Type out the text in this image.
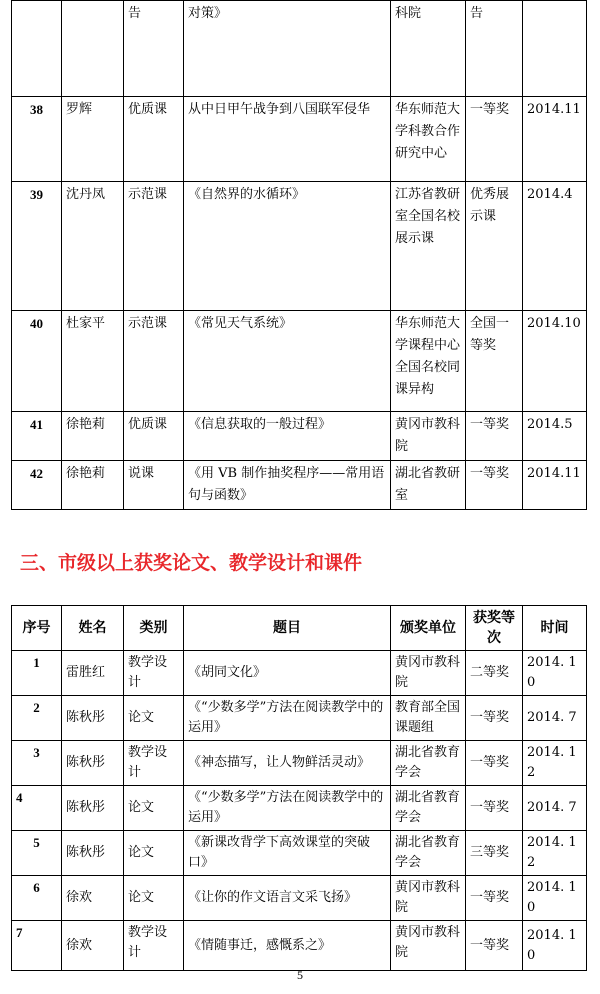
		告	对策》	科院	告	
38	罗辉	优质课	从中日甲午战争到八国联军侵华	华东师范大学科教合作研究中心	一等奖	2014.11
39	沈丹凤	示范课	《自然界的水循环》	江苏省教研室全国名校展示课	优秀展示课	2014.4
40	杜家平	示范课	《常见天气系统》	华东师范大学课程中心全国名校同课异构	全国一等奖	2014.10
41	徐艳莉	优质课	《信息获取的一般过程》	黄冈市教科院	一等奖	2014.5
42	徐艳莉	说课	《用 VB 制作抽奖程序——常用语句与函数》	湖北省教研室	一等奖	2014.11
三、市级以上获奖论文、教学设计和课件
序号	姓名	类别	题目	颁奖单位	获奖等次	时间
1	雷胜红	教学设计	《胡同文化》	黄冈市教科院	二等奖	2014. 10
2	陈秋彤	论文	《“少数多学”方法在阅读教学中的运用》	教育部全国课题组	一等奖	2014. 7
3	陈秋彤	教学设计	《神态描写，让人物鲜活灵动》	湖北省教育学会	一等奖	2014. 12
4	陈秋彤	论文	《“少数多学”方法在阅读教学中的运用》	湖北省教育学会	一等奖	2014. 7
5	陈秋彤	论文	《新课改背学下高效课堂的突破口》	湖北省教育学会	三等奖	2014. 12
6	徐欢	论文	《让你的作文语言文采飞扬》	黄冈市教科院	一等奖	2014. 10
7	徐欢	教学设计	《情随事迁，感慨系之》	黄冈市教科院	一等奖	2014. 10
5
